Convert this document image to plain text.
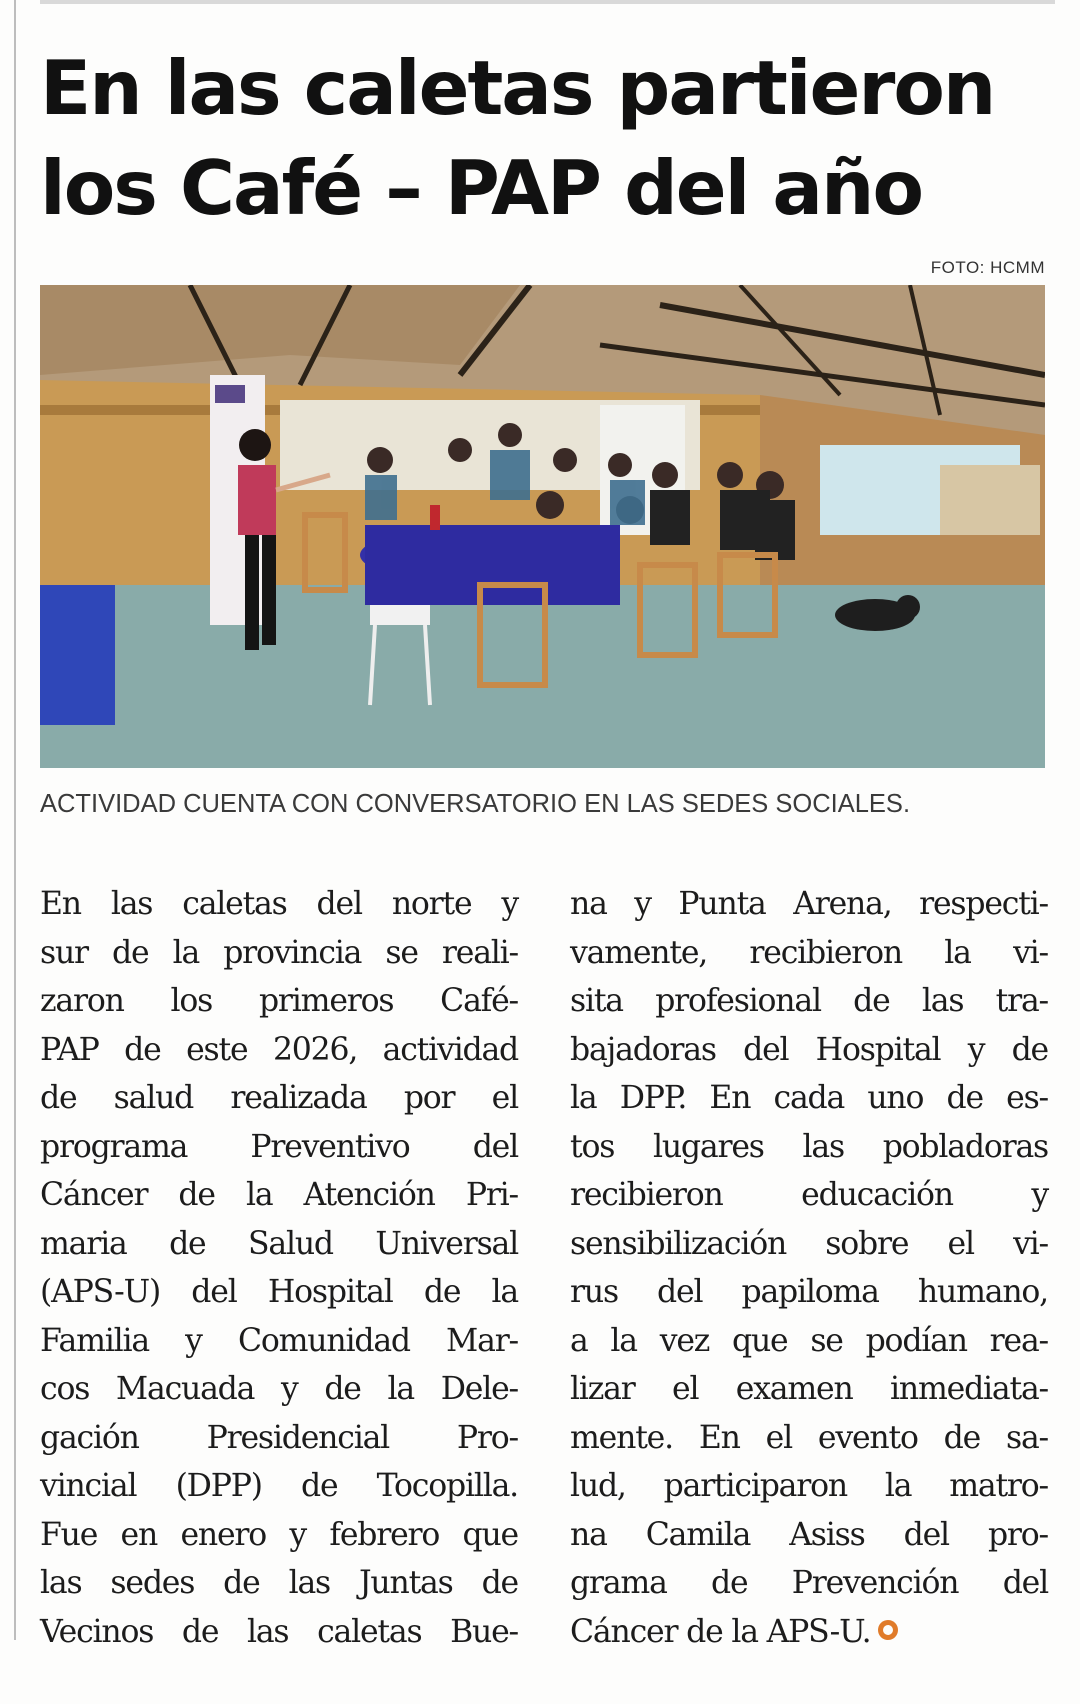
En las caletas partieron
los Café – PAP del año
FOTO: HCMM
ACTIVIDAD CUENTA CON CONVERSATORIO EN LAS SEDES SOCIALES.
En las caletas del norte y
sur de la provincia se reali-
zaron los primeros Café-
PAP de este 2026, actividad
de salud realizada por el
programa Preventivo del
Cáncer de la Atención Pri-
maria de Salud Universal
(APS-U) del Hospital de la
Familia y Comunidad Mar-
cos Macuada y de la Dele-
gación Presidencial Pro-
vincial (DPP) de Tocopilla.
Fue en enero y febrero que
las sedes de las Juntas de
Vecinos de las caletas Bue-
na y Punta Arena, respecti-
vamente, recibieron la vi-
sita profesional de las tra-
bajadoras del Hospital y de
la DPP. En cada uno de es-
tos lugares las pobladoras
recibieron educación y
sensibilización sobre el vi-
rus del papiloma humano,
a la vez que se podían rea-
lizar el examen inmediata-
mente. En el evento de sa-
lud, participaron la matro-
na Camila Asiss del pro-
grama de Prevención del
Cáncer de la APS-U.
